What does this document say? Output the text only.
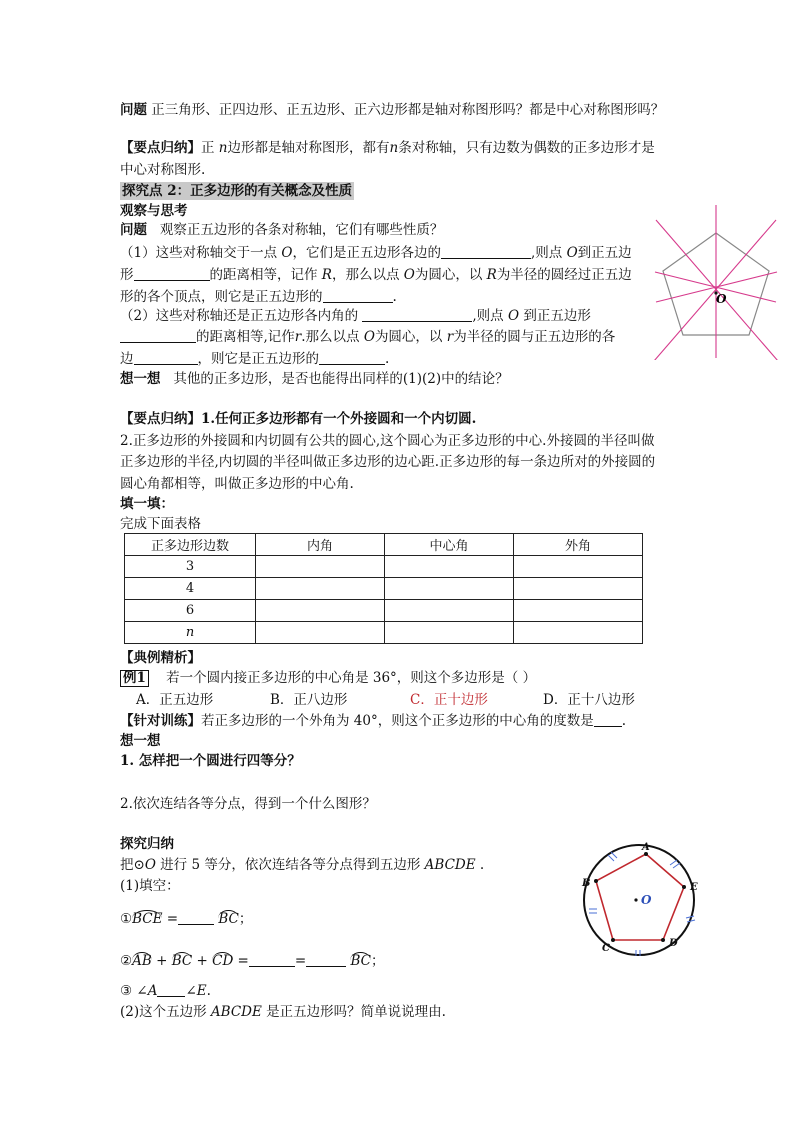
问题 正三角形、正四边形、正五边形、正六边形都是轴对称图形吗？都是中心对称图形吗？
【要点归纳】正 n边形都是轴对称图形，都有n条对称轴，只有边数为偶数的正多边形才是
中心对称图形.
探究点 2：正多边形的有关概念及性质
观察与思考
问题 观察正五边形的各条对称轴，它们有哪些性质？
（1）这些对称轴交于一点 O，它们是正五边形各边的	,则点 O到正五边
形	的距离相等，记作 R，那么以点 O为圆心，以 R为半径的圆经过正五边
形的各个顶点，则它是正五边形的	.
（2）这些对称轴还是正五边形各内角的	,则点 O 到正五边形
的距离相等,记作r.那么以点 O为圆心，以 r为半径的圆与正五边形的各
边	，则它是正五边形的	.
想一想 其他的正多边形，是否也能得出同样的(1)(2)中的结论？
【要点归纳】1.任何正多边形都有一个外接圆和一个内切圆.
2.正多边形的外接圆和内切圆有公共的圆心,这个圆心为正多边形的中心.外接圆的半径叫做
正多边形的半径,内切圆的半径叫做正多边形的边心距.正多边形的每一条边所对的外接圆的
圆心角都相等，叫做正多边形的中心角.
填一填：
完成下面表格
正多边形边数	内角	中心角	外角
3			
4			
6			
n			
【典例精析】
例1 若一个圆内接正多边形的中心角是 36°，则这个多边形是（ ）
A．正五边形	B．正八边形	C．正十边形	D．正十八边形
【针对训练】若正多边形的一个外角为 40°，则这个正多边形的中心角的度数是 .
想一想
1. 怎样把一个圆进行四等分？
2.依次连结各等分点，得到一个什么图形？
探究归纳
把⊙O 进行 5 等分，依次连结各等分点得到五边形 ABCDE .
(1)填空：
①BCE =	BC；
②AB + BC + CD =	=	BC；
③ ∠A ∠E.
(2)这个五边形 ABCDE 是正五边形吗？简单说说理由.
O
O
A
B
C	D
E
